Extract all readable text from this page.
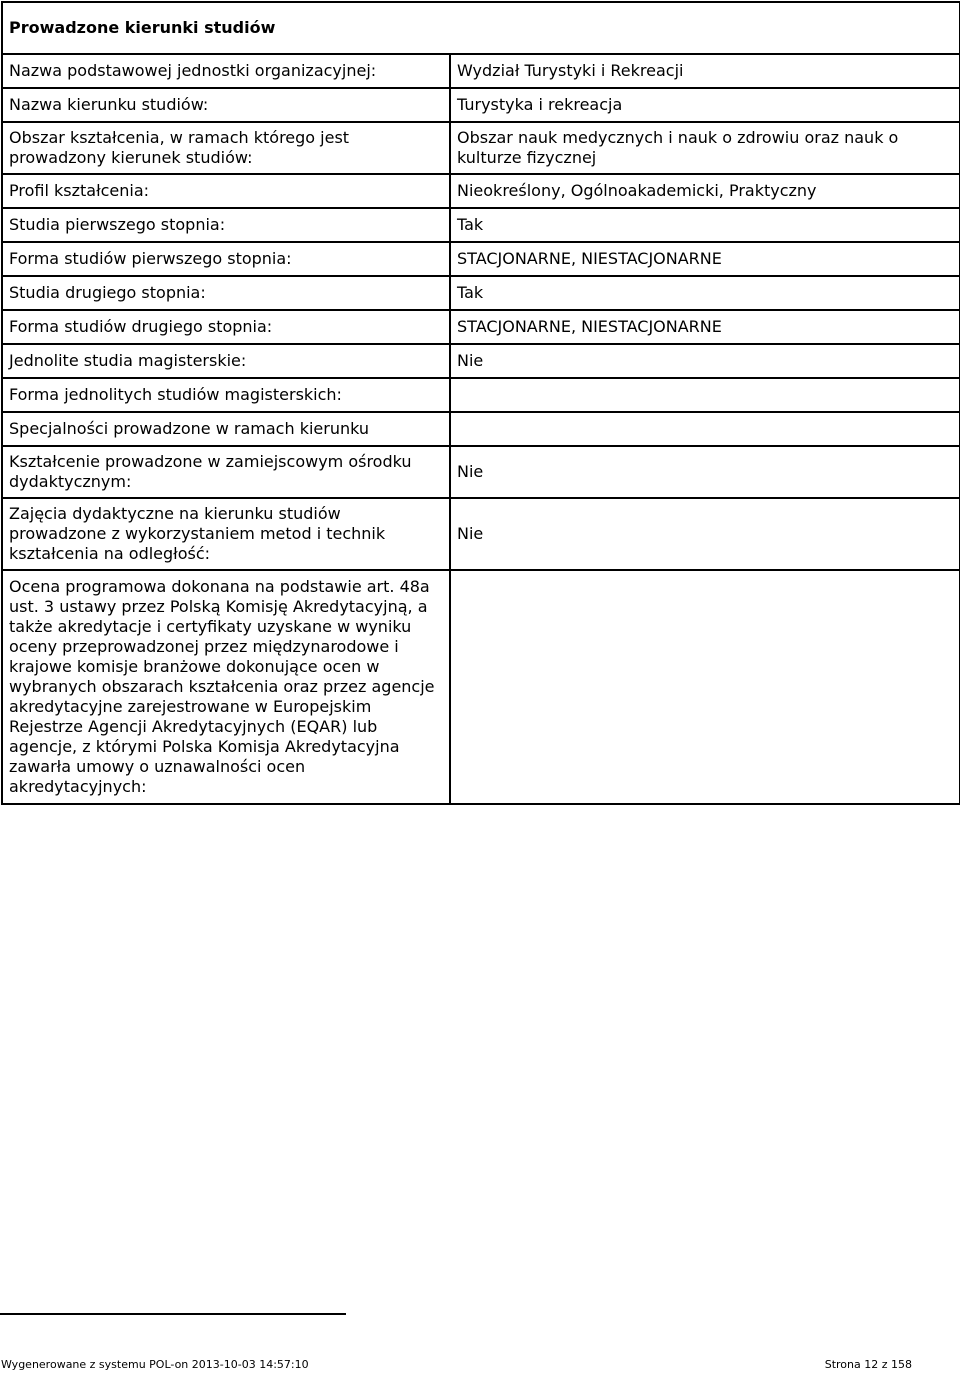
Prowadzone kierunki studiów	
Nazwa podstawowej jednostki organizacyjnej:	Wydział Turystyki i Rekreacji
Nazwa kierunku studiów:	Turystyka i rekreacja
Obszar kształcenia, w ramach którego jest prowadzony kierunek studiów:	Obszar nauk medycznych i nauk o zdrowiu oraz nauk o kulturze fizycznej
Profil kształcenia:	Nieokreślony, Ogólnoakademicki, Praktyczny
Studia pierwszego stopnia:	Tak
Forma studiów pierwszego stopnia:	STACJONARNE, NIESTACJONARNE
Studia drugiego stopnia:	Tak
Forma studiów drugiego stopnia:	STACJONARNE, NIESTACJONARNE
Jednolite studia magisterskie:	Nie
Forma jednolitych studiów magisterskich:	
Specjalności prowadzone w ramach kierunku	
Kształcenie prowadzone w zamiejscowym ośrodku dydaktycznym:	Nie
Zajęcia dydaktyczne na kierunku studiów prowadzone z wykorzystaniem metod i technik kształcenia na odległość:	Nie
Ocena programowa dokonana na podstawie art. 48a ust. 3 ustawy przez Polską Komisję Akredytacyjną, a także akredytacje i certyfikaty uzyskane w wyniku oceny przeprowadzonej przez międzynarodowe i krajowe komisje branżowe dokonujące ocen w wybranych obszarach kształcenia oraz przez agencje akredytacyjne zarejestrowane w Europejskim Rejestrze Agencji Akredytacyjnych (EQAR) lub agencje, z którymi Polska Komisja Akredytacyjna zawarła umowy o uznawalności ocen akredytacyjnych:	
Wygenerowane z systemu POL-on 2013-10-03 14:57:10	Strona 12 z 158
